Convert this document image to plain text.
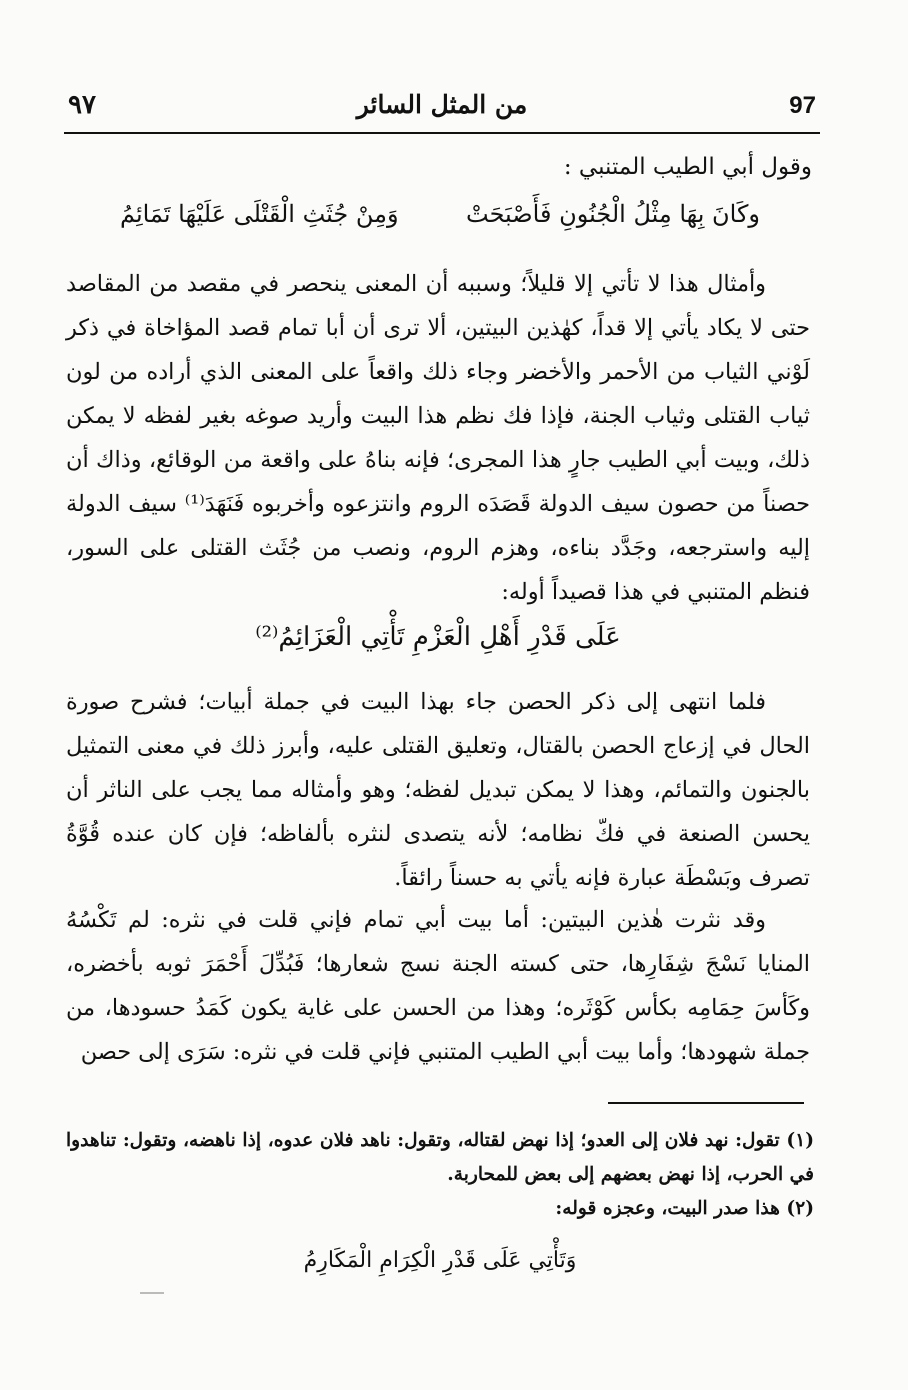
٩٧	من المثل السائر	97
وقول أبي الطيب المتنبي :
وكَانَ بِهَا مِثْلُ الْجُنُونِ فَأَصْبَحَتْ
وَمِنْ جُثَثِ الْقَتْلَى عَلَيْهَا تَمَائِمُ

وأمثال هذا لا تأتي إلا قليلاً؛ وسببه أن المعنى ينحصر في مقصد من المقاصد حتى لا يكاد يأتي إلا قداً، كهٰذين البيتين، ألا ترى أن أبا تمام قصد المؤاخاة في ذكر لَوْني الثياب من الأحمر والأخضر وجاء ذلك واقعاً على المعنى الذي أراده من لون ثياب القتلى وثياب الجنة، فإذا فك نظم هذا البيت وأريد صوغه بغير لفظه لا يمكن ذلك، وبيت أبي الطيب جارٍ هذا المجرى؛ فإنه بناهُ على واقعة من الوقائع، وذاك أن حصناً من حصون سيف الدولة قَصَدَه الروم وانتزعوه وأخربوه فَنَهَدَ⁽¹⁾ سيف الدولة إليه واسترجعه، وجَدَّد بناءه، وهزم الروم، ونصب من جُثَث القتلى على السور، فنظم المتنبي في هذا قصيداً أوله:

عَلَى قَدْرِ أَهْلِ الْعَزْمِ تَأْتِي الْعَزَائِمُ⁽²⁾

فلما انتهى إلى ذكر الحصن جاء بهذا البيت في جملة أبيات؛ فشرح صورة الحال في إزعاج الحصن بالقتال، وتعليق القتلى عليه، وأبرز ذلك في معنى التمثيل بالجنون والتمائم، وهذا لا يمكن تبديل لفظه؛ وهو وأمثاله مما يجب على الناثر أن يحسن الصنعة في فكّ نظامه؛ لأنه يتصدى لنثره بألفاظه؛ فإن كان عنده قُوَّةُ تصرف وبَسْطَة عبارة فإنه يأتي به حسناً رائقاً.

وقد نثرت هٰذين البيتين: أما بيت أبي تمام فإني قلت في نثره: لم تَكْسُهُ المنايا نَسْجَ شِفَارِها، حتى كسته الجنة نسج شعارها؛ فَبُدِّلَ أَحْمَرَ ثوبه بأخضره، وكَأسَ حِمَامِه بكأس كَوْثَره؛ وهذا من الحسن على غاية يكون كَمَدُ حسودها، من جملة شهودها؛ وأما بيت أبي الطيب المتنبي فإني قلت في نثره: سَرَى إلى حصن

(١) تقول: نهد فلان إلى العدو؛ إذا نهض لقتاله، وتقول: ناهد فلان عدوه، إذا ناهضه، وتقول: تناهدوا في الحرب، إذا نهض بعضهم إلى بعض للمحاربة.

(٢) هذا صدر البيت، وعجزه قوله:

وَتَأْتِي عَلَى قَدْرِ الْكِرَامِ الْمَكَارِمُ
